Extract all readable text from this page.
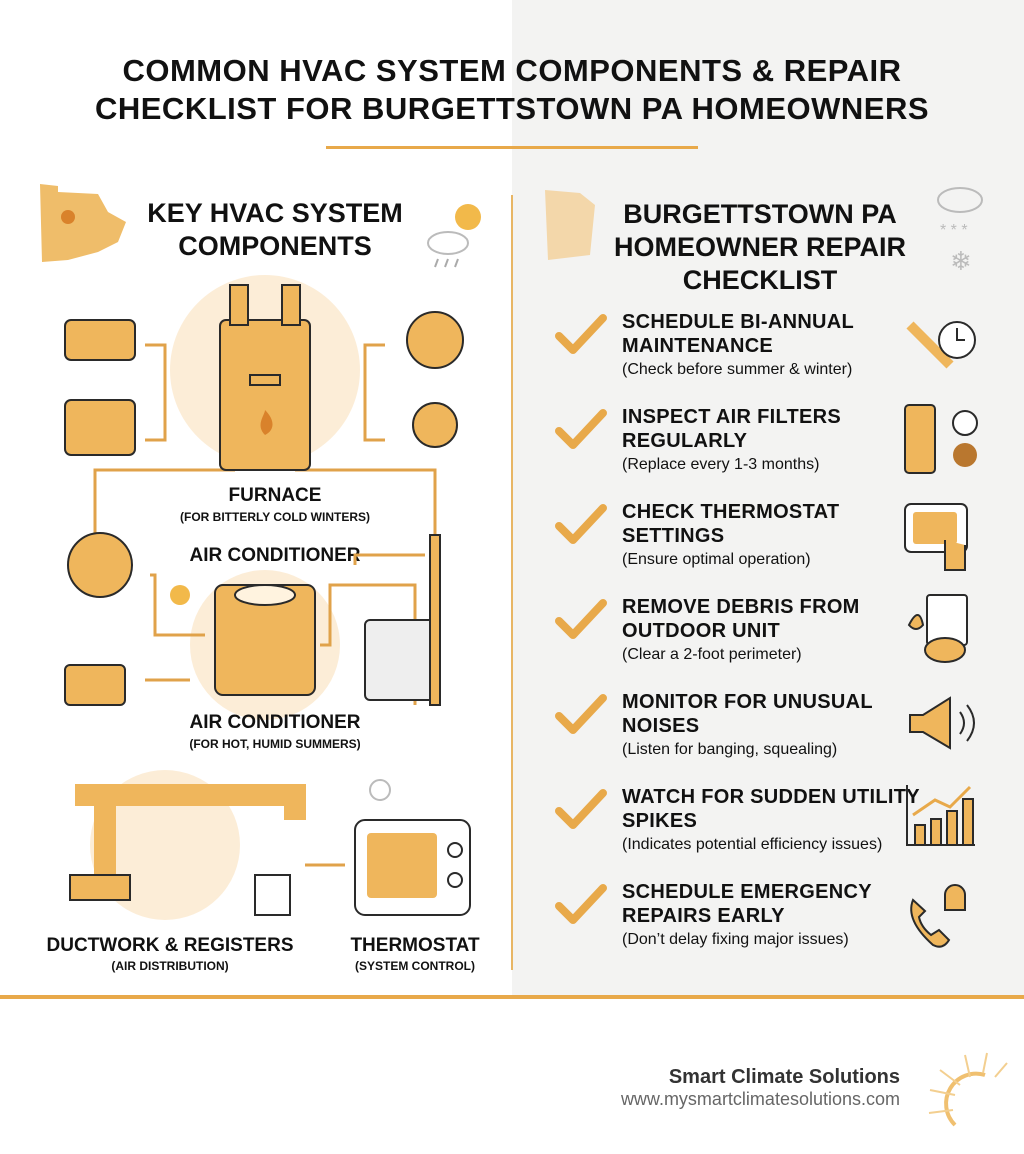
COMMON HVAC SYSTEM COMPONENTS & REPAIR CHECKLIST FOR BURGETTSTOWN PA HOMEOWNERS
KEY HVAC SYSTEM COMPONENTS
FURNACE
(FOR BITTERLY COLD WINTERS)
AIR CONDITIONER
AIR CONDITIONER
(FOR HOT, HUMID SUMMERS)
DUCTWORK & REGISTERS
(AIR DISTRIBUTION)
THERMOSTAT
(SYSTEM CONTROL)
BURGETTSTOWN PA HOMEOWNER REPAIR CHECKLIST
* * *
❄
SCHEDULE BI-ANNUAL MAINTENANCE
(Check before summer & winter)
INSPECT AIR FILTERS REGULARLY
(Replace every 1-3 months)
CHECK THERMOSTAT SETTINGS
(Ensure optimal operation)
REMOVE DEBRIS FROM OUTDOOR UNIT
(Clear a 2-foot perimeter)
MONITOR FOR UNUSUAL NOISES
(Listen for banging, squealing)
WATCH FOR SUDDEN UTILITY SPIKES
(Indicates potential efficiency issues)
SCHEDULE EMERGENCY REPAIRS EARLY
(Don’t delay fixing major issues)
Smart Climate Solutions
www.mysmartclimatesolutions.com
